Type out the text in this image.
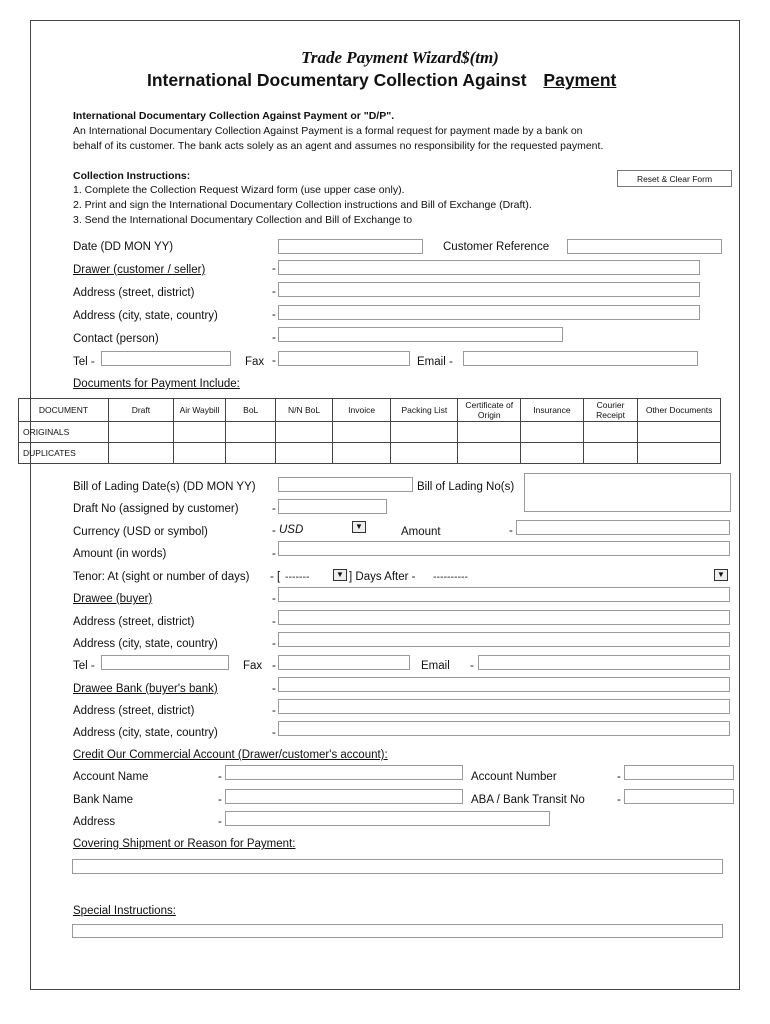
Trade Payment Wizard$(tm)
International Documentary Collection Against Payment
International Documentary Collection Against Payment or "D/P".
An International Documentary Collection Against Payment is a formal request for payment made by a bank on
behalf of its customer. The bank acts solely as an agent and assumes no responsibility for the requested payment.
Collection Instructions:	Reset & Clear Form
1. Complete the Collection Request Wizard form (use upper case only).
2. Print and sign the International Documentary Collection instructions and Bill of Exchange (Draft).
3. Send the International Documentary Collection and Bill of Exchange to
Date (DD MON YY)	Customer Reference
Drawer (customer / seller)	-
Address (street, district)	-
Address (city, state, country)	-
Contact (person)	-
Tel -	Fax -	Email -
Documents for Payment Include:
DOCUMENT	Draft	Air Waybill	BoL	N/N BoL	Invoice	Packing List	Certificate of Origin	Insurance	Courier Receipt	Other Documents
ORIGINALS										
DUPLICATES										
Bill of Lading Date(s) (DD MON YY)	Bill of Lading No(s)
Draft No (assigned by customer)	-
Currency (USD or symbol)	- USD	▼	Amount	-
Amount (in words)	-
Tenor: At (sight or number of days) - [ -------	▼ ] Days After - ----------	▼
Drawee (buyer)	-
Address (street, district)	-
Address (city, state, country)	-
Tel -	Fax -	Email -
Drawee Bank (buyer's bank)	-
Address (street, district)	-
Address (city, state, country)	-
Credit Our Commercial Account (Drawer/customer's account):
Account Name	-	Account Number	-
Bank Name	-	ABA / Bank Transit No	-
Address	-
Covering Shipment or Reason for Payment:
Special Instructions:
